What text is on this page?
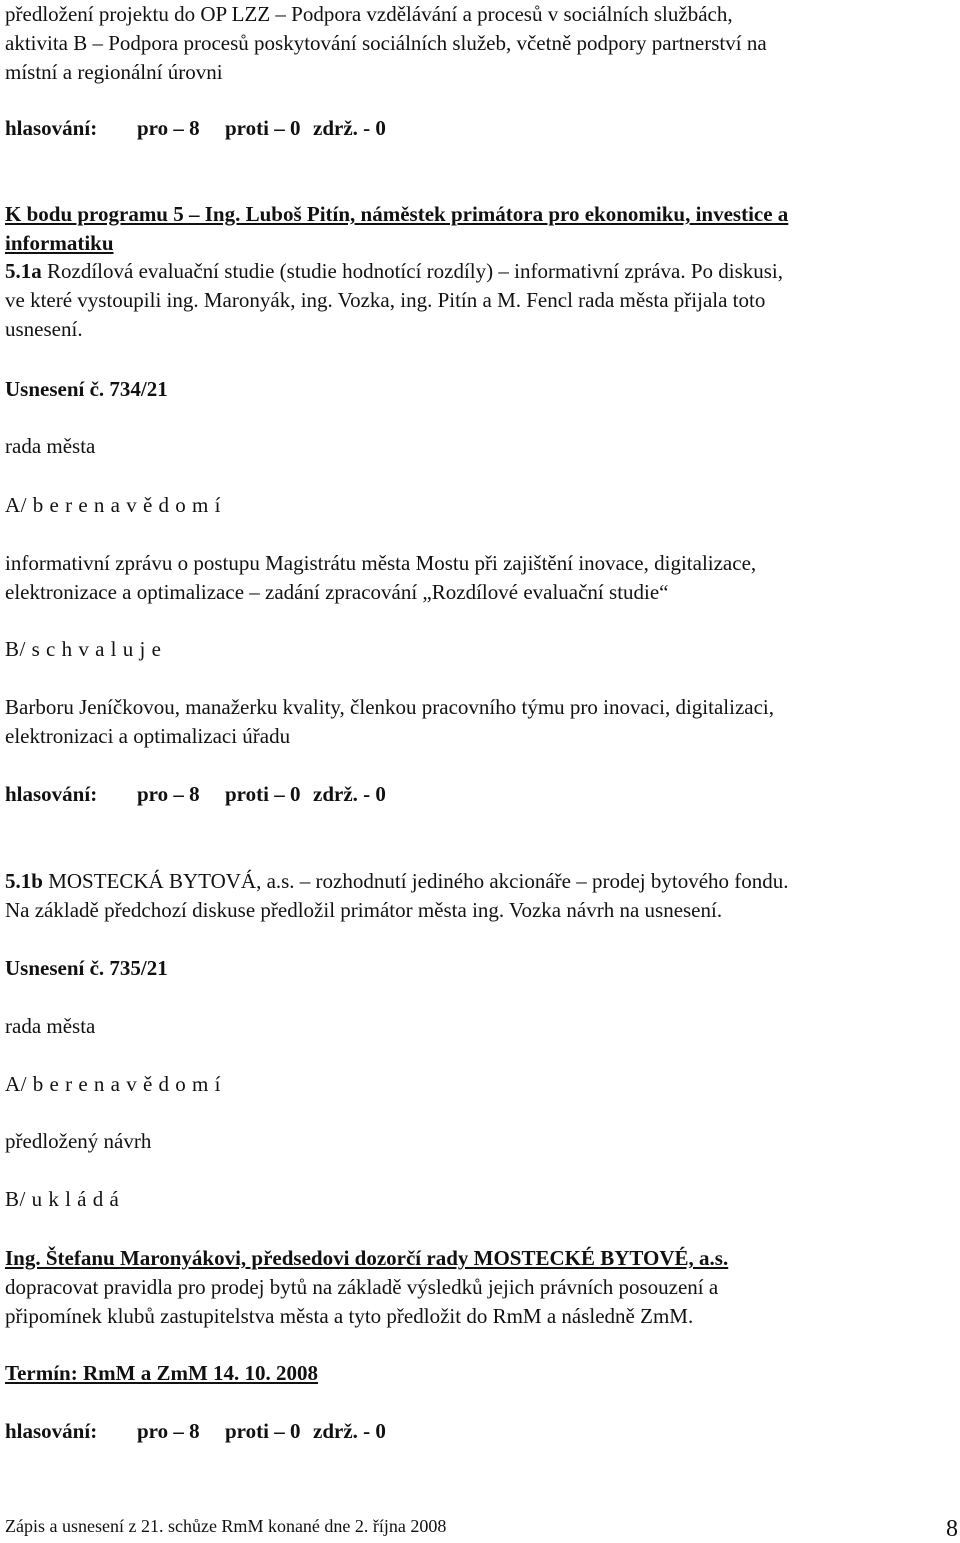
předložení projektu do OP LZZ – Podpora vzdělávání a procesů v sociálních službách,
aktivita B – Podpora procesů poskytování sociálních služeb, včetně podpory partnerství na
místní a regionální úrovni

hlasování: pro – 8 proti – 0 zdrž. - 0

K bodu programu 5 – Ing. Luboš Pitín, náměstek primátora pro ekonomiku, investice a
informatiku

5.1a Rozdílová evaluační studie (studie hodnotící rozdíly) – informativní zpráva. Po diskusi,
ve které vystoupili ing. Maronyák, ing. Vozka, ing. Pitín a M. Fencl rada města přijala toto
usnesení.

Usnesení č. 734/21

rada města

A/ b e r e n a v ě d o m í

informativní zprávu o postupu Magistrátu města Mostu při zajištění inovace, digitalizace,
elektronizace a optimalizace – zadání zpracování „Rozdílové evaluační studie“

B/ s c h v a l u j e

Barboru Jeníčkovou, manažerku kvality, členkou pracovního týmu pro inovaci, digitalizaci,
elektronizaci a optimalizaci úřadu

hlasování: pro – 8 proti – 0 zdrž. - 0

5.1b MOSTECKÁ BYTOVÁ, a.s. – rozhodnutí jediného akcionáře – prodej bytového fondu.
Na základě předchozí diskuse předložil primátor města ing. Vozka návrh na usnesení.

Usnesení č. 735/21

rada města

A/ b e r e n a v ě d o m í

předložený návrh

B/ u k l á d á

Ing. Štefanu Maronyákovi, předsedovi dozorčí rady MOSTECKÉ BYTOVÉ, a.s.

dopracovat pravidla pro prodej bytů na základě výsledků jejich právních posouzení a
připomínek klubů zastupitelstva města a tyto předložit do RmM a následně ZmM.

Termín: RmM a ZmM 14. 10. 2008

hlasování: pro – 8 proti – 0 zdrž. - 0

Zápis a usnesení z 21. schůze RmM konané dne 2. října 2008	8
